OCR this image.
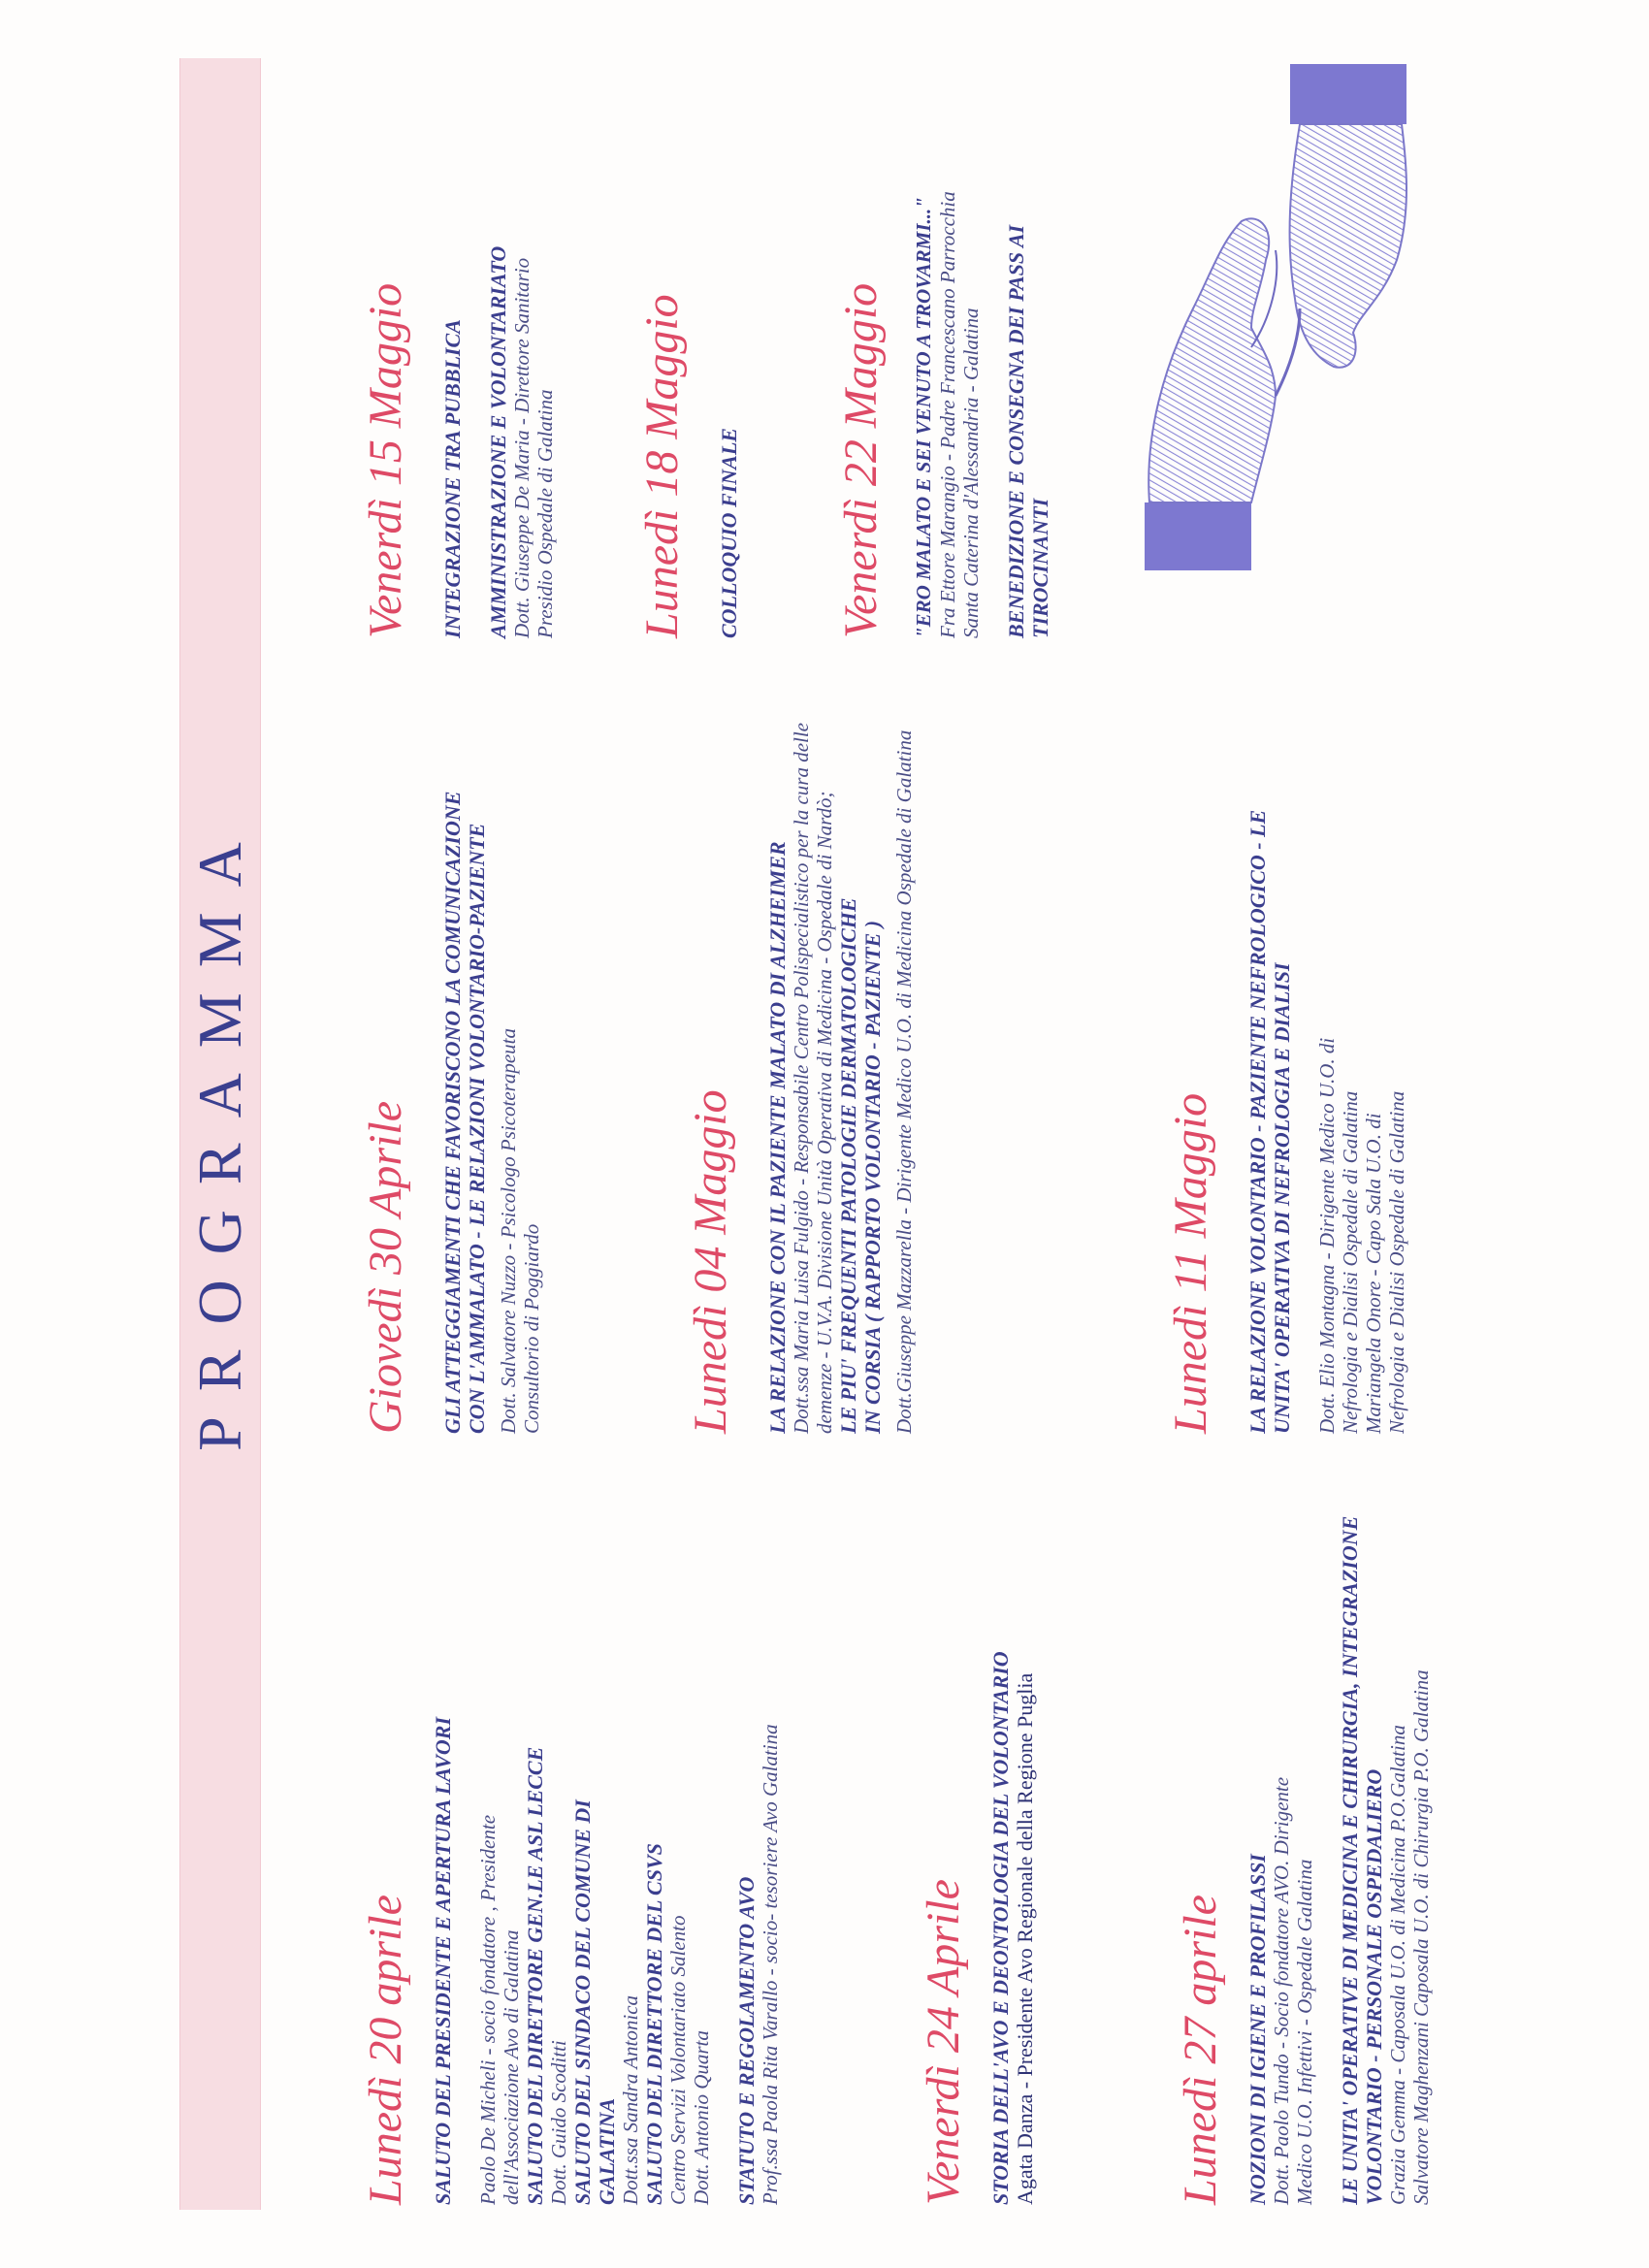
PROGRAMMA
Lunedì 20 aprile SALUTO DEL PRESIDENTE E APERTURA LAVORI Paolo De Micheli - socio fondatore , Presidente dell'Associazione Avo di Galatina SALUTO DEL DIRETTORE GEN.LE ASL LECCE Dott. Guido Scoditti SALUTO DEL SINDACO DEL COMUNE DI GALATINA Dott.ssa Sandra Antonica SALUTO DEL DIRETTORE DEL CSVS Centro Servizi Volontariato Salento Dott. Antonio Quarta STATUTO E REGOLAMENTO AVO Prof.ssa Paola Rita Varallo - socio- tesoriere Avo Galatina	Venerdì 24 Aprile STORIA DELL'AVO E DEONTOLOGIA DEL VOLONTARIO Agata Danza - Presidente Avo Regionale della Regione Puglia	Lunedì 27 aprile NOZIONI DI IGIENE E PROFILASSI Dott. Paolo Tundo - Socio fondatore AVO. Dirigente Medico U.O. Infettivi - Ospedale Galatina LE UNITA' OPERATIVE DI MEDICINA E CHIRURGIA, INTEGRAZIONE VOLONTARIO - PERSONALE OSPEDALIERO Grazia Gemma - Caposala U.O. di Medicina P.O.Galatina Salvatore Maghenzani Caposala U.O. di Chirurgia P.O. Galatina
Giovedì 30 Aprile GLI ATTEGGIAMENTI CHE FAVORISCONO LA COMUNICAZIONE CON L'AMMALATO - LE RELAZIONI VOLONTARIO-PAZIENTE Dott. Salvatore Nuzzo - Psicologo Psicoterapeuta Consultorio di Poggiardo	Lunedì 04 Maggio LA RELAZIONE CON IL PAZIENTE MALATO DI ALZHEIMER Dott.ssa Maria Luisa Fulgido - Responsabile Centro Polispecialistico per la cura delle demenze - U.V.A. Divisione Unità Operativa di Medicina - Ospedale di Nardò; LE PIU' FREQUENTI PATOLOGIE DERMATOLOGICHE IN CORSIA ( RAPPORTO VOLONTARIO - PAZIENTE ) Dott.Giuseppe Mazzarella - Dirigente Medico U.O. di Medicina Ospedale di Galatina	Lunedì 11 Maggio LA RELAZIONE VOLONTARIO - PAZIENTE NEFROLOGICO - LE UNITA' OPERATIVA DI NEFROLOGIA E DIALISI Dott. Elio Montagna - Dirigente Medico U.O. di Nefrologia e Dialisi Ospedale di Galatina Mariangela Onore - Capo Sala U.O. di Nefrologia e Dialisi Ospedale di Galatina
Venerdì 15 Maggio INTEGRAZIONE TRA PUBBLICA AMMINISTRAZIONE E VOLONTARIATO Dott. Giuseppe De Maria - Direttore Sanitario Presidio Ospedale di Galatina Lunedì 18 Maggio COLLOQUIO FINALE Venerdì 22 Maggio "ERO MALATO E SEI VENUTO A TROVARMI..." Fra Ettore Marangio - Padre Francescano Parrocchia Santa Caterina d'Alessandria - Galatina BENEDIZIONE E CONSEGNA DEI PASS AI TIROCINANTI
